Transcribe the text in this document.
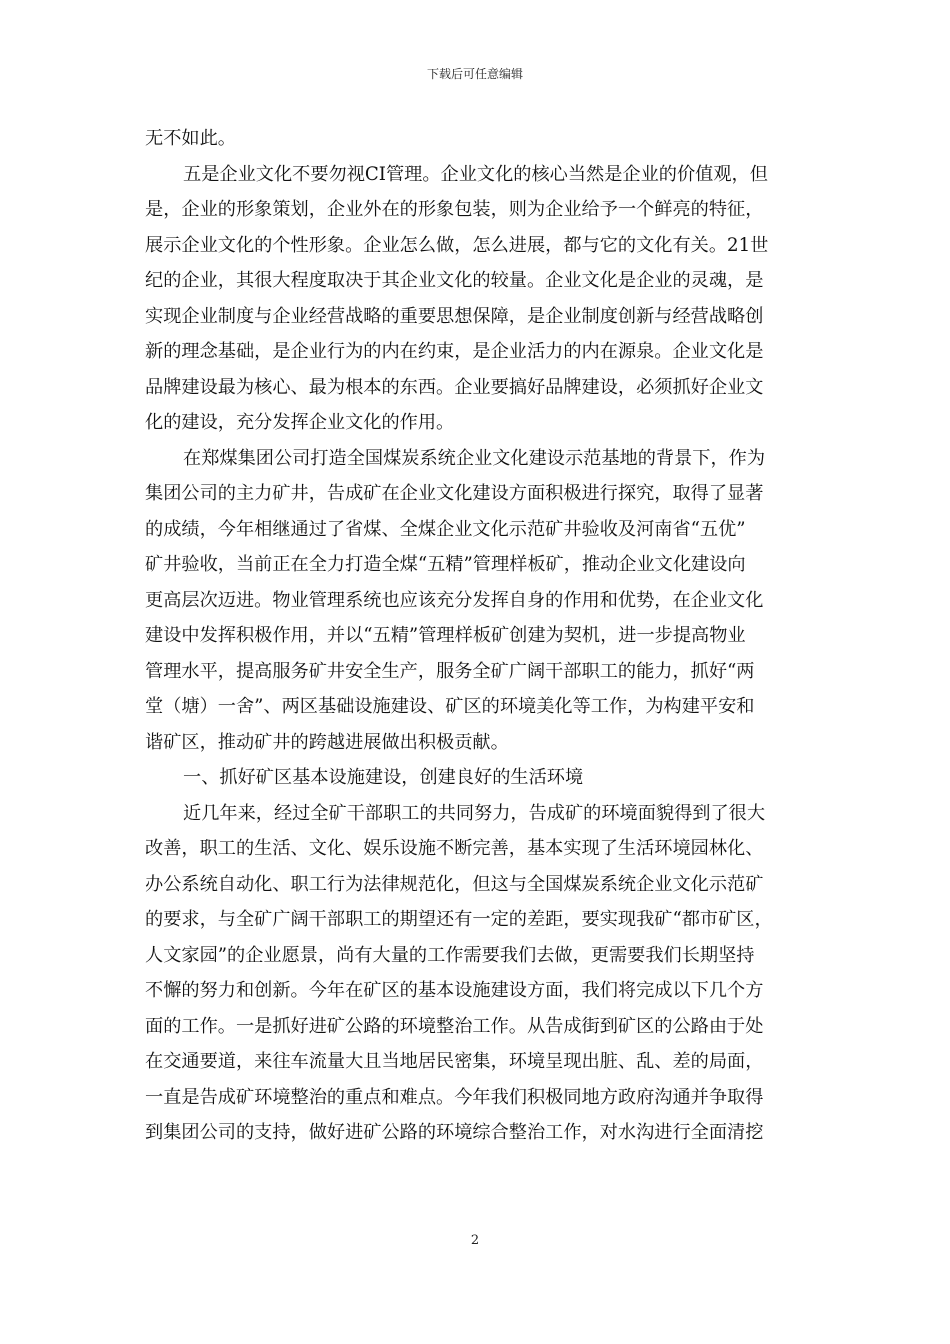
下载后可任意编辑
无不如此。
五是企业文化不要勿视CI管理。企业文化的核心当然是企业的价值观，但
是，企业的形象策划，企业外在的形象包装，则为企业给予一个鲜亮的特征，
展示企业文化的个性形象。企业怎么做，怎么进展，都与它的文化有关。21世
纪的企业，其很大程度取决于其企业文化的较量。企业文化是企业的灵魂，是
实现企业制度与企业经营战略的重要思想保障，是企业制度创新与经营战略创
新的理念基础，是企业行为的内在约束，是企业活力的内在源泉。企业文化是
品牌建设最为核心、最为根本的东西。企业要搞好品牌建设，必须抓好企业文
化的建设，充分发挥企业文化的作用。
在郑煤集团公司打造全国煤炭系统企业文化建设示范基地的背景下，作为
集团公司的主力矿井，告成矿在企业文化建设方面积极进行探究，取得了显著
的成绩，今年相继通过了省煤、全煤企业文化示范矿井验收及河南省“五优”
矿井验收，当前正在全力打造全煤“五精”管理样板矿，推动企业文化建设向
更高层次迈进。物业管理系统也应该充分发挥自身的作用和优势，在企业文化
建设中发挥积极作用，并以“五精”管理样板矿创建为契机，进一步提高物业
管理水平，提高服务矿井安全生产，服务全矿广阔干部职工的能力，抓好“两
堂（塘）一舍”、两区基础设施建设、矿区的环境美化等工作，为构建平安和
谐矿区，推动矿井的跨越进展做出积极贡献。
一、抓好矿区基本设施建设，创建良好的生活环境
近几年来，经过全矿干部职工的共同努力，告成矿的环境面貌得到了很大
改善，职工的生活、文化、娱乐设施不断完善，基本实现了生活环境园林化、
办公系统自动化、职工行为法律规范化，但这与全国煤炭系统企业文化示范矿
的要求，与全矿广阔干部职工的期望还有一定的差距，要实现我矿“都市矿区，
人文家园”的企业愿景，尚有大量的工作需要我们去做，更需要我们长期坚持
不懈的努力和创新。今年在矿区的基本设施建设方面，我们将完成以下几个方
面的工作。一是抓好进矿公路的环境整治工作。从告成街到矿区的公路由于处
在交通要道，来往车流量大且当地居民密集，环境呈现出脏、乱、差的局面，
一直是告成矿环境整治的重点和难点。今年我们积极同地方政府沟通并争取得
到集团公司的支持，做好进矿公路的环境综合整治工作，对水沟进行全面清挖
2
